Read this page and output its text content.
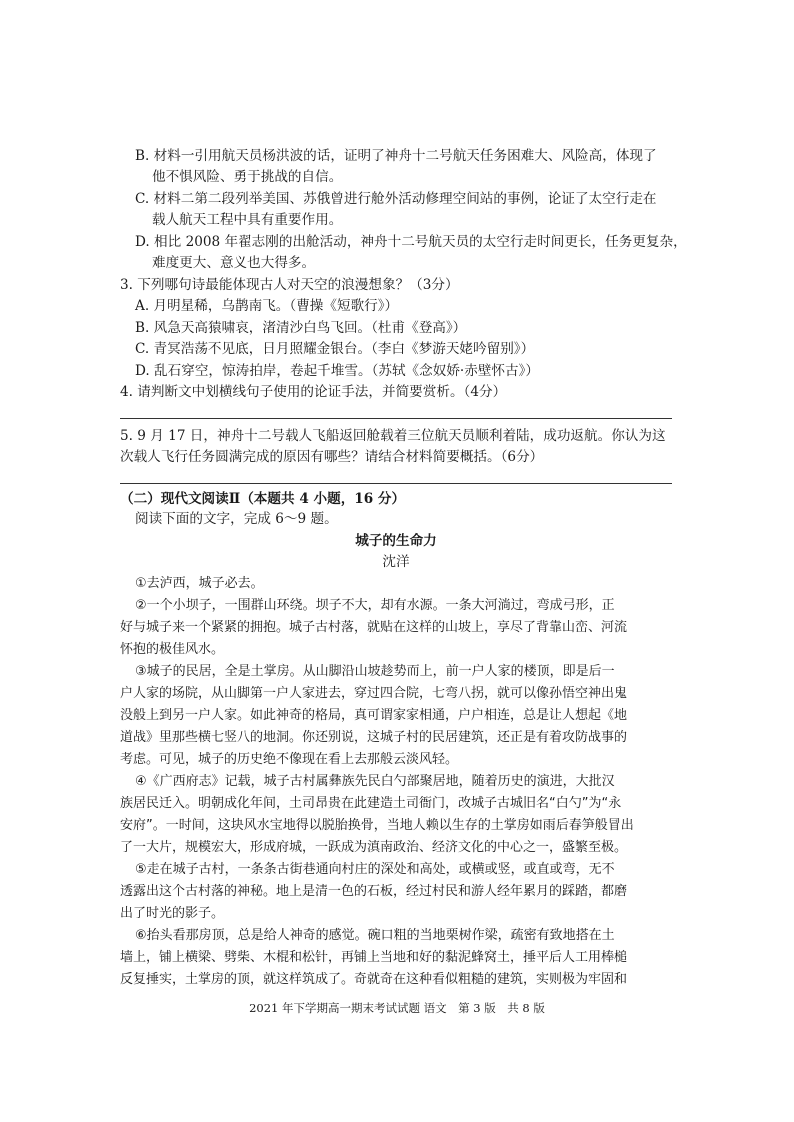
B. 材料一引用航天员杨洪波的话，证明了神舟十二号航天任务困难大、风险高，体现了
他不惧风险、勇于挑战的自信。
C. 材料二第二段列举美国、苏俄曾进行舱外活动修理空间站的事例，论证了太空行走在
载人航天工程中具有重要作用。
D. 相比 2008 年翟志刚的出舱活动，神舟十二号航天员的太空行走时间更长，任务更复杂，
难度更大、意义也大得多。
3. 下列哪句诗最能体现古人对天空的浪漫想象？（3分）
A. 月明星稀，乌鹊南飞。（曹操《短歌行》）
B. 风急天高猿啸哀，渚清沙白鸟飞回。（杜甫《登高》）
C. 青冥浩荡不见底，日月照耀金银台。（李白《梦游天姥吟留别》）
D. 乱石穿空，惊涛拍岸，卷起千堆雪。（苏轼《念奴娇·赤壁怀古》）
4. 请判断文中划横线句子使用的论证手法，并简要赏析。（4分）
5. 9 月 17 日，神舟十二号载人飞船返回舱载着三位航天员顺利着陆，成功返航。你认为这
次载人飞行任务圆满完成的原因有哪些？请结合材料简要概括。（6分）
（二）现代文阅读Ⅱ（本题共 4 小题，16 分）
阅读下面的文字，完成 6～9 题。
城子的生命力
沈洋
①去泸西，城子必去。
②一个小坝子，一围群山环绕。坝子不大，却有水源。一条大河淌过，弯成弓形，正
好与城子来一个紧紧的拥抱。城子古村落，就贴在这样的山坡上，享尽了背靠山峦、河流
怀抱的极佳风水。
③城子的民居，全是土掌房。从山脚沿山坡趁势而上，前一户人家的楼顶，即是后一
户人家的场院，从山脚第一户人家进去，穿过四合院，七弯八拐，就可以像孙悟空神出鬼
没般上到另一户人家。如此神奇的格局，真可谓家家相通，户户相连，总是让人想起《地
道战》里那些横七竖八的地洞。你还别说，这城子村的民居建筑，还正是有着攻防战事的
考虑。可见，城子的历史绝不像现在看上去那般云淡风轻。
④《广西府志》记载，城子古村属彝族先民白勺部聚居地，随着历史的演进，大批汉
族居民迁入。明朝成化年间，土司昂贵在此建造土司衙门，改城子古城旧名“白勺”为“永
安府”。一时间，这块风水宝地得以脱胎换骨，当地人赖以生存的土掌房如雨后春笋般冒出
了一大片，规模宏大，形成府城，一跃成为滇南政治、经济文化的中心之一，盛繁至极。
⑤走在城子古村，一条条古街巷通向村庄的深处和高处，或横或竖，或直或弯，无不
透露出这个古村落的神秘。地上是清一色的石板，经过村民和游人经年累月的踩踏，都磨
出了时光的影子。
⑥抬头看那房顶，总是给人神奇的感觉。碗口粗的当地栗树作梁，疏密有致地搭在土
墙上，铺上横梁、劈柴、木棍和松针，再铺上当地和好的黏泥蜂窝土，捶平后人工用棒槌
2021 年下学期高一期末考试试题 语文　第 3 版　共 8 版
反复捶实，土掌房的顶，就这样筑成了。奇就奇在这种看似粗糙的建筑，实则极为牢固和
